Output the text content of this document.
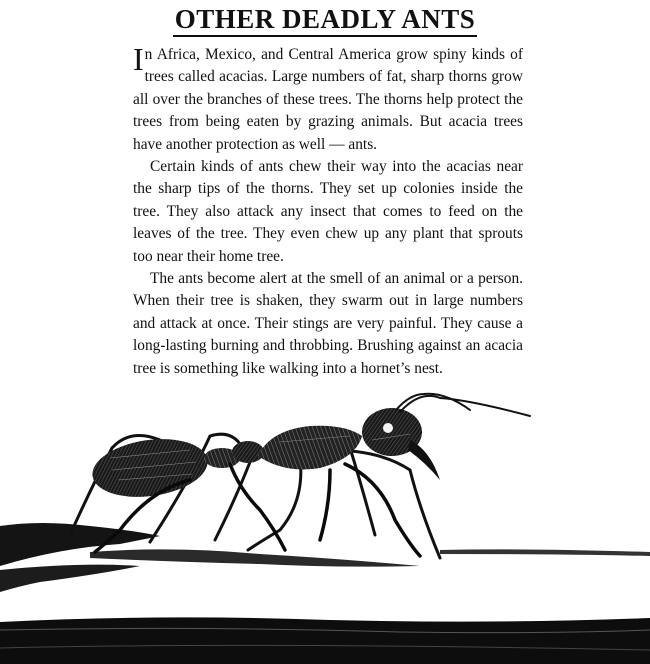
OTHER DEADLY ANTS

In Africa, Mexico, and Central America grow spiny kinds of trees called acacias. Large numbers of fat, sharp thorns grow all over the branches of these trees. The thorns help protect the trees from being eaten by grazing animals. But acacia trees have another protection as well — ants.

Certain kinds of ants chew their way into the acacias near the sharp tips of the thorns. They set up colonies inside the tree. They also attack any insect that comes to feed on the leaves of the tree. They even chew up any plant that sprouts too near their home tree.

The ants become alert at the smell of an animal or a person. When their tree is shaken, they swarm out in large numbers and attack at once. Their stings are very painful. They cause a long-lasting burning and throbbing. Brushing against an acacia tree is something like walking into a hornet’s nest.
